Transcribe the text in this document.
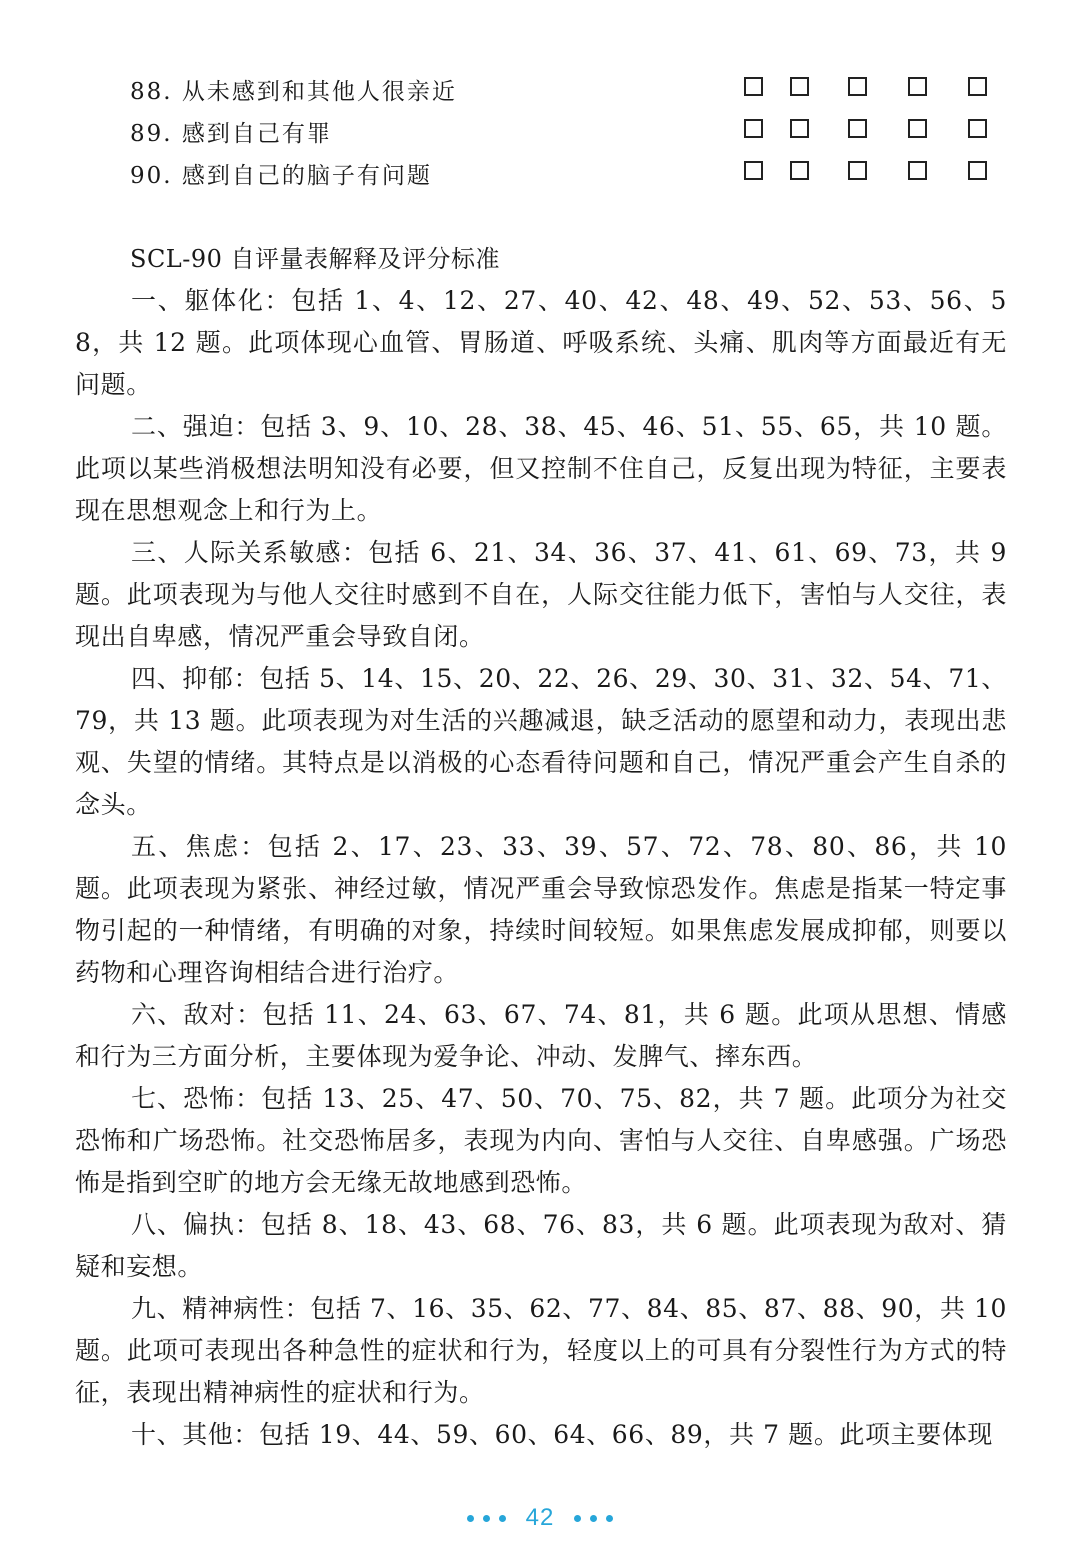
88. 从未感到和其他人很亲近
89. 感到自己有罪
90. 感到自己的脑子有问题
SCL-90 自评量表解释及评分标准

一、躯体化：包括 1、4、12、27、40、42、48、49、52、53、56、58，共 12 题。此项体现心血管、胃肠道、呼吸系统、头痛、肌肉等方面最近有无问题。

二、强迫：包括 3、9、10、28、38、45、46、51、55、65，共 10 题。此项以某些消极想法明知没有必要，但又控制不住自己，反复出现为特征，主要表现在思想观念上和行为上。

三、人际关系敏感：包括 6、21、34、36、37、41、61、69、73，共 9 题。此项表现为与他人交往时感到不自在，人际交往能力低下，害怕与人交往，表现出自卑感，情况严重会导致自闭。

四、抑郁：包括 5、14、15、20、22、26、29、30、31、32、54、71、79，共 13 题。此项表现为对生活的兴趣减退，缺乏活动的愿望和动力，表现出悲观、失望的情绪。其特点是以消极的心态看待问题和自己，情况严重会产生自杀的念头。

五、焦虑：包括 2、17、23、33、39、57、72、78、80、86，共 10 题。此项表现为紧张、神经过敏，情况严重会导致惊恐发作。焦虑是指某一特定事物引起的一种情绪，有明确的对象，持续时间较短。如果焦虑发展成抑郁，则要以药物和心理咨询相结合进行治疗。

六、敌对：包括 11、24、63、67、74、81，共 6 题。此项从思想、情感和行为三方面分析，主要体现为爱争论、冲动、发脾气、摔东西。

七、恐怖：包括 13、25、47、50、70、75、82，共 7 题。此项分为社交恐怖和广场恐怖。社交恐怖居多，表现为内向、害怕与人交往、自卑感强。广场恐怖是指到空旷的地方会无缘无故地感到恐怖。

八、偏执：包括 8、18、43、68、76、83，共 6 题。此项表现为敌对、猜疑和妄想。

九、精神病性：包括 7、16、35、62、77、84、85、87、88、90，共 10 题。此项可表现出各种急性的症状和行为，轻度以上的可具有分裂性行为方式的特征，表现出精神病性的症状和行为。

十、其他：包括 19、44、59、60、64、66、89，共 7 题。此项主要体现

42
